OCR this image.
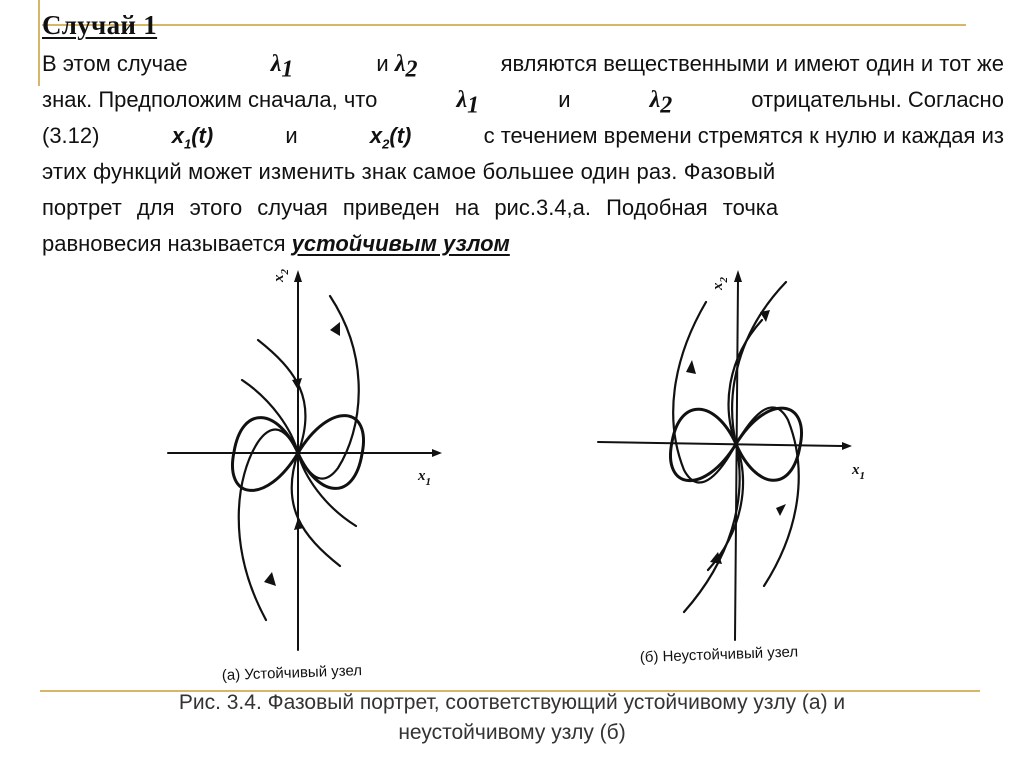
Случай 1
В этом случае	$\lambda_1$	и $\lambda_2$	являются вещественными и имеют один и тот же
знак. Предположим сначала, что	$\lambda_1$	и	$\lambda_2$	отрицательны. Согласно
(3.12)	$x_1(t)$	и	$x_2(t)$	с течением времени стремятся к нулю и каждая из
этих функций может изменить знак самое большее один раз. Фазовый
портрет для этого случая приведен на рис.3.4,а. Подобная точка
равновесия называется устойчивым узлом
$x_1$
$x_2$
(а) Устойчивый узел
$x_1$
$x_2$
(б) Неустойчивый узел
Рис. 3.4. Фазовый портрет, соответствующий устойчивому узлу (а) и
неустойчивому узлу (б)
